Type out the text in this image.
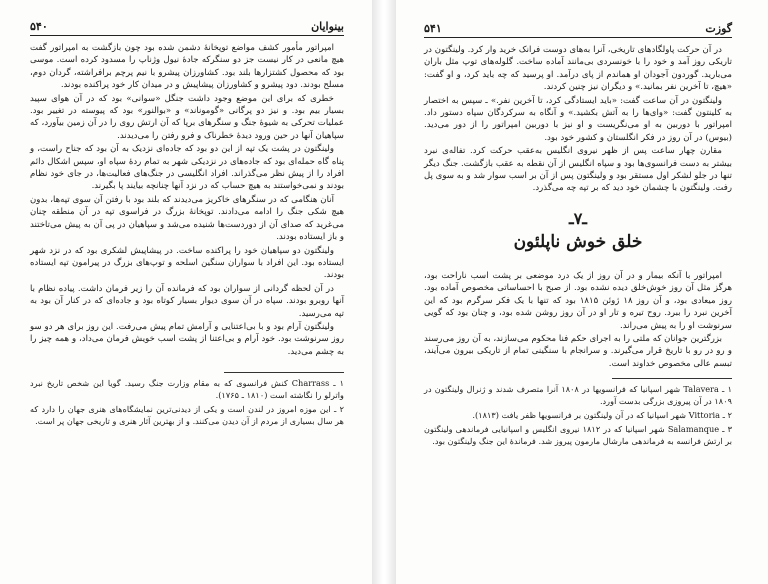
بینوایان
۵۴۰

امپراتور مأمور کشف مواضع توپخانهٔ دشمن شده بود چون بازگشت به امپراتور گفت هیچ مانعی در کار نیست جز دو سنگرکه جادهٔ نیول وژناپ را مسدود کرده است. موسی بود که محصول کشتزارها بلند بود. کشاورزان پیشرو با نیم پرچم برافراشته، گردان دوم، مسلح بودند. دود پیشرو و کشاورزان پیشاپیش و در میدان کار خود پراکنده بودند.

خطری که برای این موضع وجود داشت جنگل «سوانی» بود که در آن هوای سپید بسیار بیم بود. و نیز دو پرگانی «گوموناند» و «بوالنور» بود که پیوسته در تغییر بود. عملیات تحرکی به شیوهٔ جنگ و سنگرهای برپا که آن ارتش روی را در آن زمین بیآورد، که سپاهیان آنها در حین ورود دیدهٔ خطرناک و فرو رفتن را می‌دیدند.

ولینگتون در پشت یک تپه از این دو بود که جاده‌ای نزدیک به آن بود که جناح راست، و پناه گاه حمله‌ای بود که جاده‌های در نزدیکی شهر به تمام ردهٔ سپاه او، سپس اشکال دائم افراد را از پیش نظر می‌گذراند. افراد انگلیسی در جنگ‌های فعالیت‌ها، در جای خود نظام بودند و نمی‌خواستند به هیچ حساب که در نزد آنها چنانچه بیایند پا بگیرند.

آنان هنگامی که در سنگرهای خاکریز می‌دیدند که بلند بود با رفتن آن سوی تپه‌ها، بدون هیچ شکی جنگ را ادامه می‌دادند. توپخانهٔ بزرگ در فراسوی تپه در آن منطقه چنان می‌غرید که صدای آن از دوردست‌ها شنیده می‌شد و سپاهیان در پی آن به پیش می‌تاختند و باز ایستاده بودند.

ولینگتون دو سپاهیان خود را پراکنده ساخت. در پیشاپیش لشکری بود که در نزد شهر ایستاده بود. این افراد با سواران سنگین اسلحه و توپ‌های بزرگ در پیرامون تپه ایستاده بودند.

در آن لحظه گردانی از سواران بود که فرمانده آن را زیر فرمان داشت. پیاده نظام با آنها روبرو بودند. سپاه در آن سوی دیوار بسیار کوتاه بود و جاده‌ای که در کنار آن بود به تپه می‌رسید.

ولینگتون آرام بود و با بی‌اعتنایی و آرامش تمام پیش می‌رفت. این روز برای هر دو سو روز سرنوشت بود. خود آرام و بی‌اعتنا از پشت اسب خویش فرمان می‌داد، و همه چیز را به چشم می‌دید.

۱ ـ Charrass کنش فرانسوی که به مقام وزارت جنگ رسید. گویا این شخص تاریخ نبرد واترلو را نگاشته است (۱۸۱۰ ـ ۱۷۶۵).

۲ ـ این موزه امروز در لندن است و یکی از دیدنی‌ترین نمایشگاه‌های هنری جهان را دارد که هر سال بسیاری از مردم از آن دیدن می‌کنند. و از بهترین آثار هنری و تاریخی جهان پر است.

گوزت
۵۴۱

در آن حرکت پاولگادهای تاریخی، آنرا به‌های دوست فرانک خرید وار کرد. ولینگتون در تاریکی روز آمد و خود را با خونسردی بی‌مانند آماده ساخت. گلوله‌های توپ مثل باران می‌بارید. گوردون آجودان او هماندم از پای درآمد. او پرسید که چه باید کرد، و او گفت: «هیچ، تا آخرین نفر بمانید.» و دیگران نیز چنین کردند.

ولینگتون در آن ساعت گفت: «باید ایستادگی کرد، تا آخرین نفر.» ـ سپس به اختصار به کلینتون گفت: «وای‌ها را به آتش بکشید.» و آنگاه به سرکردگان سپاه دستور داد. امپراتور با دوربین به او می‌نگریست و او نیز با دوربین امپراتور را از دور می‌دید. (بیوس) در آن روز در فکر انگلستان و کشور خود بود.

مقارن چهار ساعت پس از ظهر نیروی انگلیس به‌عقب حرکت کرد. تفاله‌ی نبرد بیشتر به دست فرانسوی‌ها بود و سپاه انگلیس از آن نقطه به عقب بازگشت. جنگ دیگر تنها در جلو لشکر اول مستقر بود و ولینگتون پس از آن بر اسب سوار شد و به سوی پل رفت. ولینگتون با چشمان خود دید که بر تپه چه می‌گذرد.

ـ۷ـ
خلق خوش ناپلئون

امپراتور با آنکه بیمار و در آن روز از یک درد موضعی بر پشت اسب ناراحت بود، هرگز مثل آن روز خوش‌خلق دیده نشده بود. از صبح با احساساتی مخصوص آماده بود. روز میعادی بود، و آن روز ۱۸ ژوئن ۱۸۱۵ بود که تنها با یک فکر سرگرم بود که این آخرین نبرد را ببرد. روح تیره و تار او در آن روز روشن شده بود، و چنان بود که گویی سرنوشت او را به پیش می‌راند.

بزرگترین جوانان که ملتی را به اجرای حکم فنا محکوم می‌سازند، به آن روز می‌رسند و رو در رو با تاریخ قرار می‌گیرند. و سرانجام با سنگینی تمام از تاریکی بیرون می‌آیند، تبسم عالی مخصوص خداوند است.

۱ ـ Talavera شهر اسپانیا که فرانسویها در ۱۸۰۸ آنرا متصرف شدند و ژنرال ولینگتون در ۱۸۰۹ در آن پیروزی بزرگی بدست آورد.

۲ ـ Vittoria شهر اسپانیا که در آن ولینگتون بر فرانسویها ظفر یافت (۱۸۱۳).

۳ ـ Salamanque شهر اسپانیا که در ۱۸۱۲ نیروی انگلیس و اسپانیایی فرماندهی ولینگتون بر ارتش فرانسه به فرماندهی مارشال مارمون پیروز شد. فرماندهٔ این جنگ ولینگتون بود.
